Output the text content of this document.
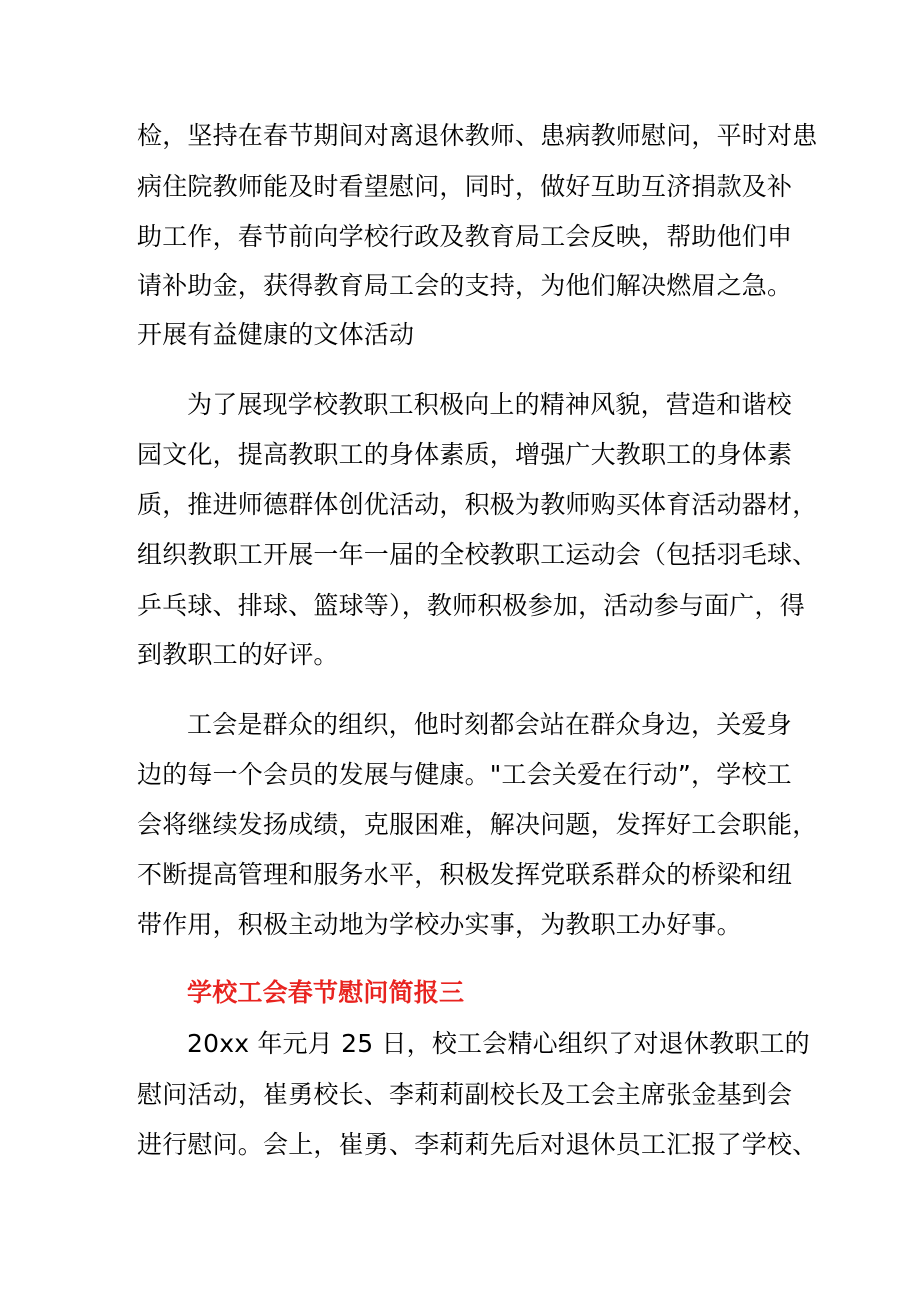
检，坚持在春节期间对离退休教师、患病教师慰问，平时对患
病住院教师能及时看望慰问，同时，做好互助互济捐款及补
助工作，春节前向学校行政及教育局工会反映，帮助他们申
请补助金，获得教育局工会的支持，为他们解决燃眉之急。
开展有益健康的文体活动
为了展现学校教职工积极向上的精神风貌，营造和谐校
园文化，提高教职工的身体素质，增强广大教职工的身体素
质，推进师德群体创优活动，积极为教师购买体育活动器材，
组织教职工开展一年一届的全校教职工运动会（包括羽毛球、
乒乓球、排球、篮球等），教师积极参加，活动参与面广，得
到教职工的好评。
工会是群众的组织，他时刻都会站在群众身边，关爱身
边的每一个会员的发展与健康。"工会关爱在行动”，学校工
会将继续发扬成绩，克服困难，解决问题，发挥好工会职能，
不断提高管理和服务水平，积极发挥党联系群众的桥梁和纽
带作用，积极主动地为学校办实事，为教职工办好事。
学校工会春节慰问简报三
20xx 年元月 25 日，校工会精心组织了对退休教职工的
慰问活动，崔勇校长、李莉莉副校长及工会主席张金基到会
进行慰问。会上，崔勇、李莉莉先后对退休员工汇报了学校、
